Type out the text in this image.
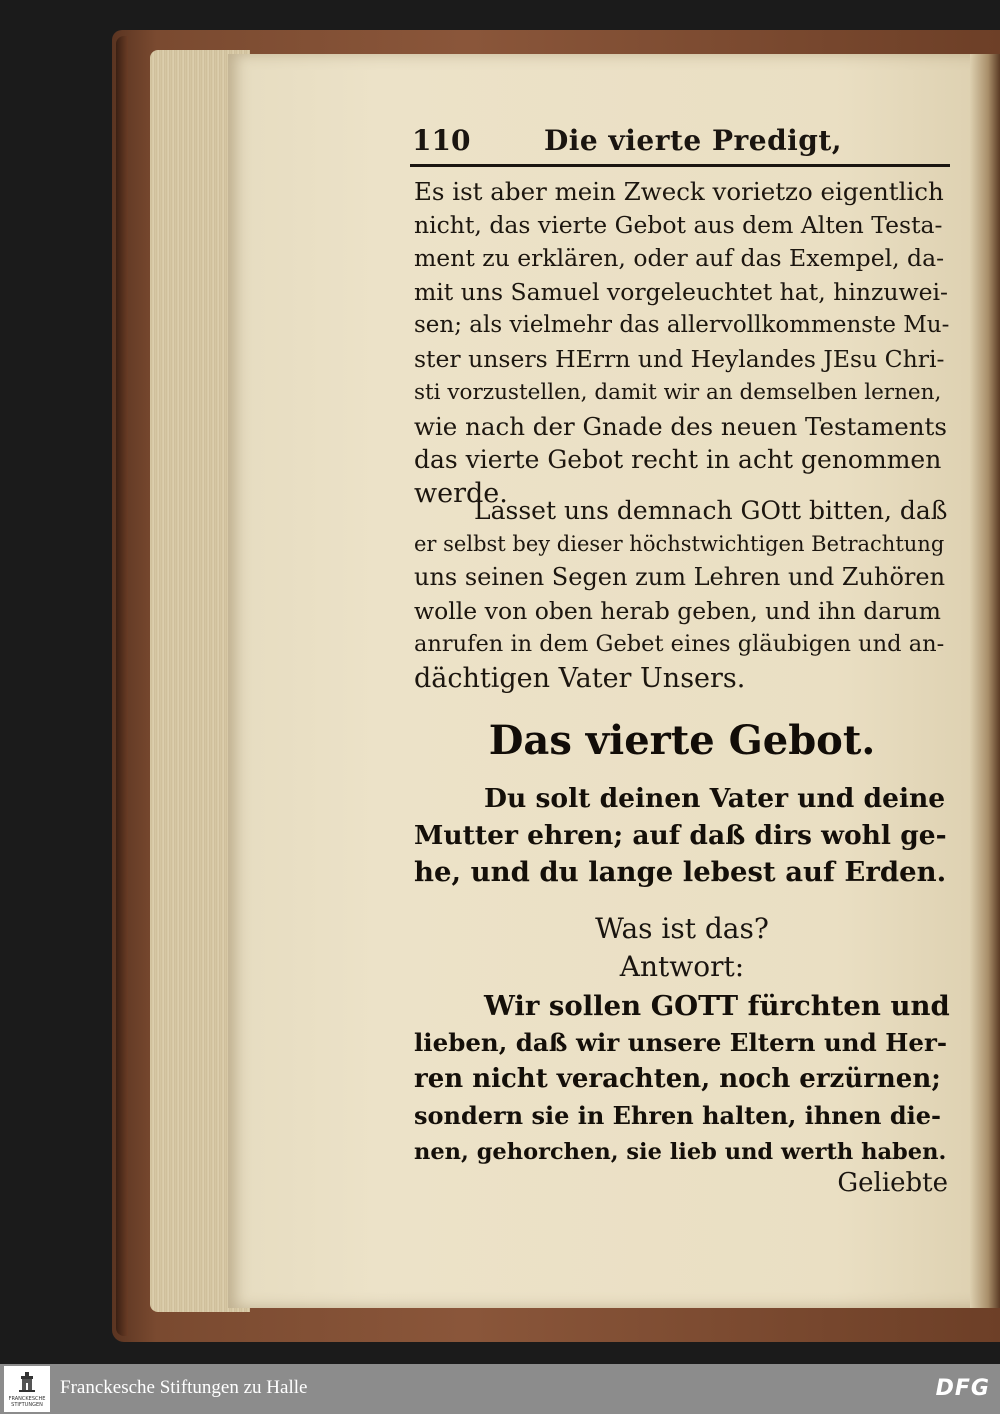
110	Die vierte Predigt,
Es ist aber mein Zweck vorietzo eigentlich
nicht, das vierte Gebot aus dem Alten Testa-
ment zu erklären, oder auf das Exempel, da-
mit uns Samuel vorgeleuchtet hat, hinzuwei-
sen; als vielmehr das allervollkommenste Mu-
ster unsers HErrn und Heylandes JEsu Chri-
sti vorzustellen, damit wir an demselben lernen,
wie nach der Gnade des neuen Testaments
das vierte Gebot recht in acht genommen
werde.
Lasset uns demnach GOtt bitten, daß
er selbst bey dieser höchstwichtigen Betrachtung
uns seinen Segen zum Lehren und Zuhören
wolle von oben herab geben, und ihn darum
anrufen in dem Gebet eines gläubigen und an-
dächtigen Vater Unsers.
Das vierte Gebot.
Du solt deinen Vater und deine
Mutter ehren; auf daß dirs wohl ge-
he, und du lange lebest auf Erden.
Was ist das?
Antwort:
Wir sollen GOTT fürchten und
lieben, daß wir unsere Eltern und Her-
ren nicht verachten, noch erzürnen;
sondern sie in Ehren halten, ihnen die-
nen, gehorchen, sie lieb und werth haben.
Geliebte
FRANCKESCHE STIFTUNGEN
Franckesche Stiftungen zu Halle	DFG
